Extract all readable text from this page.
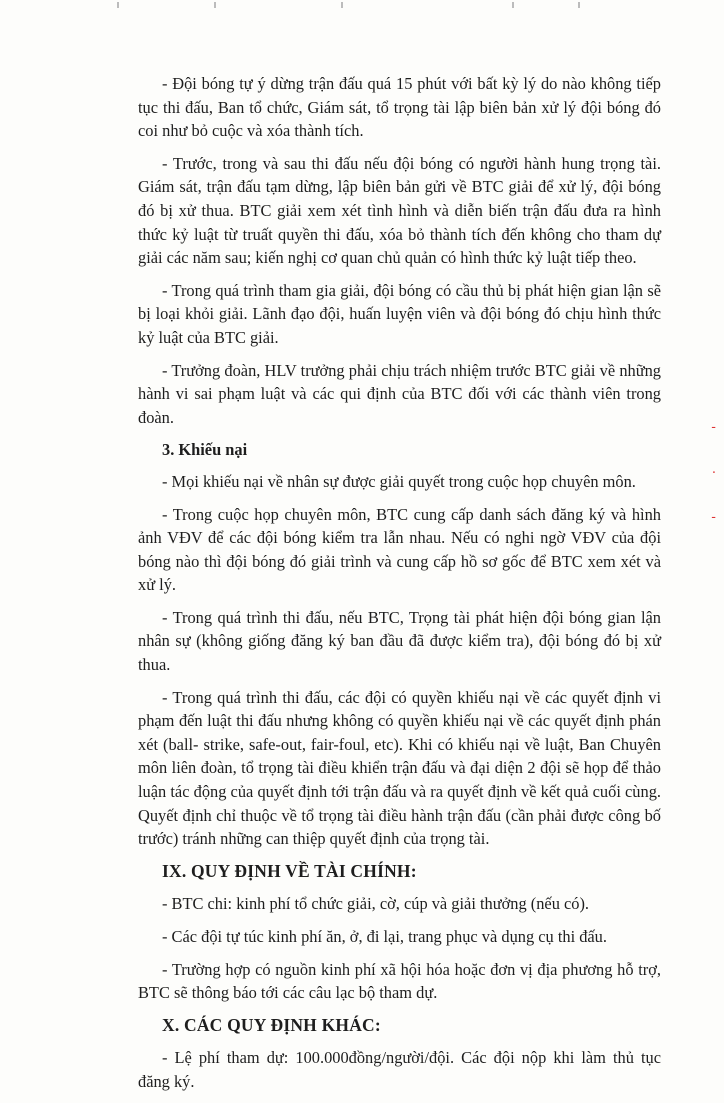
- Đội bóng tự ý dừng trận đấu quá 15 phút với bất kỳ lý do nào không tiếp tục thi đấu, Ban tổ chức, Giám sát, tổ trọng tài lập biên bản xử lý đội bóng đó coi như bỏ cuộc và xóa thành tích.

- Trước, trong và sau thi đấu nếu đội bóng có người hành hung trọng tài. Giám sát, trận đấu tạm dừng, lập biên bản gửi về BTC giải để xử lý, đội bóng đó bị xử thua. BTC giải xem xét tình hình và diễn biến trận đấu đưa ra hình thức kỷ luật từ truất quyền thi đấu, xóa bỏ thành tích đến không cho tham dự giải các năm sau; kiến nghị cơ quan chủ quản có hình thức kỷ luật tiếp theo.

- Trong quá trình tham gia giải, đội bóng có cầu thủ bị phát hiện gian lận sẽ bị loại khỏi giải. Lãnh đạo đội, huấn luyện viên và đội bóng đó chịu hình thức kỷ luật của BTC giải.

- Trưởng đoàn, HLV trưởng phải chịu trách nhiệm trước BTC giải về những hành vi sai phạm luật và các qui định của BTC đối với các thành viên trong đoàn.

3. Khiếu nại

- Mọi khiếu nại về nhân sự được giải quyết trong cuộc họp chuyên môn.

- Trong cuộc họp chuyên môn, BTC cung cấp danh sách đăng ký và hình ảnh VĐV để các đội bóng kiểm tra lẫn nhau. Nếu có nghi ngờ VĐV của đội bóng nào thì đội bóng đó giải trình và cung cấp hồ sơ gốc để BTC xem xét và xử lý.

- Trong quá trình thi đấu, nếu BTC, Trọng tài phát hiện đội bóng gian lận nhân sự (không giống đăng ký ban đầu đã được kiểm tra), đội bóng đó bị xử thua.

- Trong quá trình thi đấu, các đội có quyền khiếu nại về các quyết định vi phạm đến luật thi đấu nhưng không có quyền khiếu nại về các quyết định phán xét (ball- strike, safe-out, fair-foul, etc). Khi có khiếu nại về luật, Ban Chuyên môn liên đoàn, tổ trọng tài điều khiển trận đấu và đại diện 2 đội sẽ họp để thảo luận tác động của quyết định tới trận đấu và ra quyết định về kết quả cuối cùng. Quyết định chỉ thuộc về tổ trọng tài điều hành trận đấu (cần phải được công bố trước) tránh những can thiệp quyết định của trọng tài.

IX. QUY ĐỊNH VỀ TÀI CHÍNH:

- BTC chi: kinh phí tổ chức giải, cờ, cúp và giải thưởng (nếu có).

- Các đội tự túc kinh phí ăn, ở, đi lại, trang phục và dụng cụ thi đấu.

- Trường hợp có nguồn kinh phí xã hội hóa hoặc đơn vị địa phương hỗ trợ, BTC sẽ thông báo tới các câu lạc bộ tham dự.

X. CÁC QUY ĐỊNH KHÁC:

- Lệ phí tham dự: 100.000đồng/người/đội. Các đội nộp khi làm thủ tục đăng ký.

-
·
-
